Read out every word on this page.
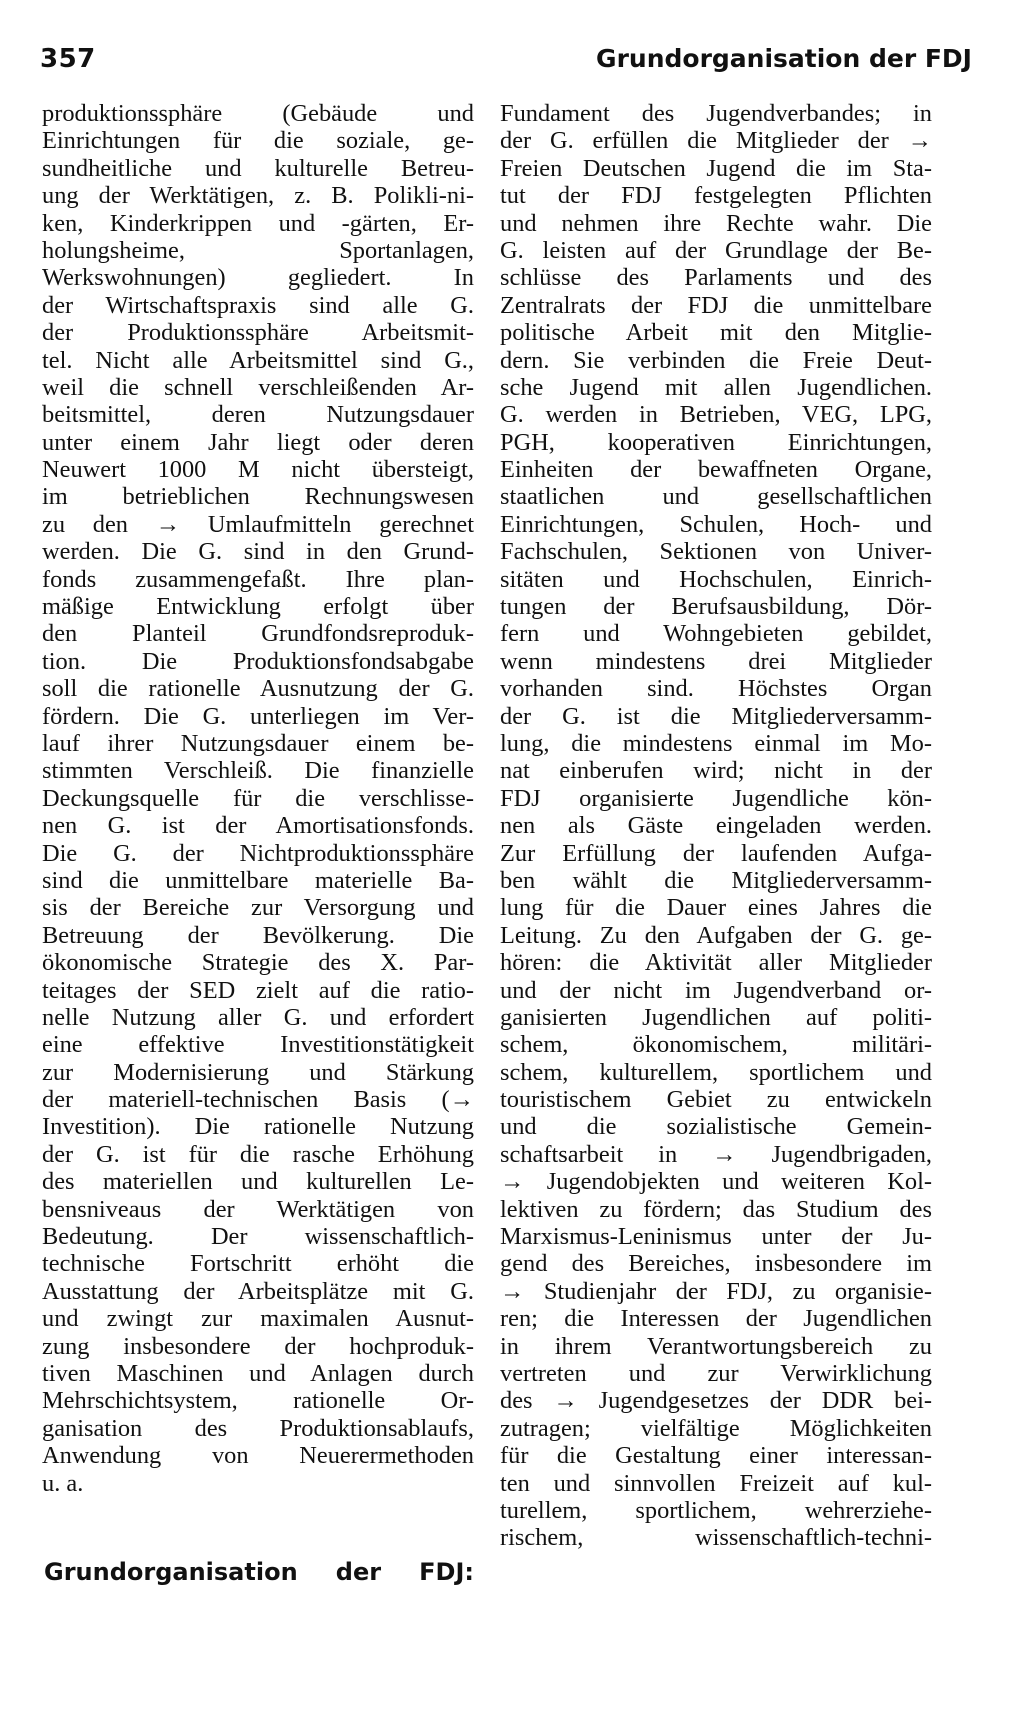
357	Grundorganisation der FDJ
produktionssphäre (Gebäude und
Einrichtungen für die soziale, ge-
sundheitliche und kulturelle Betreu-
ung der Werktätigen, z. B. Polikli-ni-
ken, Kinderkrippen und -gärten, Er-
holungsheime, Sportanlagen,
Werkswohnungen) gegliedert. In
der Wirtschaftspraxis sind alle G.
der Produktionssphäre Arbeitsmit-
tel. Nicht alle Arbeitsmittel sind G.,
weil die schnell verschleißenden Ar-
beitsmittel, deren Nutzungsdauer
unter einem Jahr liegt oder deren
Neuwert 1000 M nicht übersteigt,
im betrieblichen Rechnungswesen
zu den → Umlaufmitteln gerechnet
werden. Die G. sind in den Grund-
fonds zusammengefaßt. Ihre plan-
mäßige Entwicklung erfolgt über
den Planteil Grundfondsreproduk-
tion. Die Produktionsfondsabgabe
soll die rationelle Ausnutzung der G.
fördern. Die G. unterliegen im Ver-
lauf ihrer Nutzungsdauer einem be-
stimmten Verschleiß. Die finanzielle
Deckungsquelle für die verschlisse-
nen G. ist der Amortisationsfonds.
Die G. der Nichtproduktionssphäre
sind die unmittelbare materielle Ba-
sis der Bereiche zur Versorgung und
Betreuung der Bevölkerung. Die
ökonomische Strategie des X. Par-
teitages der SED zielt auf die ratio-
nelle Nutzung aller G. und erfordert
eine effektive Investitionstätigkeit
zur Modernisierung und Stärkung
der materiell-technischen Basis (→
Investition). Die rationelle Nutzung
der G. ist für die rasche Erhöhung
des materiellen und kulturellen Le-
bensniveaus der Werktätigen von
Bedeutung. Der wissenschaftlich-
technische Fortschritt erhöht die
Ausstattung der Arbeitsplätze mit G.
und zwingt zur maximalen Ausnut-
zung insbesondere der hochproduk-
tiven Maschinen und Anlagen durch
Mehrschichtsystem, rationelle Or-
ganisation des Produktionsablaufs,
Anwendung von Neuerermethoden
u. a.
Grundorganisation der FDJ:
Fundament des Jugendverbandes; in
der G. erfüllen die Mitglieder der →
Freien Deutschen Jugend die im Sta-
tut der FDJ festgelegten Pflichten
und nehmen ihre Rechte wahr. Die
G. leisten auf der Grundlage der Be-
schlüsse des Parlaments und des
Zentralrats der FDJ die unmittelbare
politische Arbeit mit den Mitglie-
dern. Sie verbinden die Freie Deut-
sche Jugend mit allen Jugendlichen.
G. werden in Betrieben, VEG, LPG,
PGH, kooperativen Einrichtungen,
Einheiten der bewaffneten Organe,
staatlichen und gesellschaftlichen
Einrichtungen, Schulen, Hoch- und
Fachschulen, Sektionen von Univer-
sitäten und Hochschulen, Einrich-
tungen der Berufsausbildung, Dör-
fern und Wohngebieten gebildet,
wenn mindestens drei Mitglieder
vorhanden sind. Höchstes Organ
der G. ist die Mitgliederversamm-
lung, die mindestens einmal im Mo-
nat einberufen wird; nicht in der
FDJ organisierte Jugendliche kön-
nen als Gäste eingeladen werden.
Zur Erfüllung der laufenden Aufga-
ben wählt die Mitgliederversamm-
lung für die Dauer eines Jahres die
Leitung. Zu den Aufgaben der G. ge-
hören: die Aktivität aller Mitglieder
und der nicht im Jugendverband or-
ganisierten Jugendlichen auf politi-
schem, ökonomischem, militäri-
schem, kulturellem, sportlichem und
touristischem Gebiet zu entwickeln
und die sozialistische Gemein-
schaftsarbeit in → Jugendbrigaden,
→ Jugendobjekten und weiteren Kol-
lektiven zu fördern; das Studium des
Marxismus-Leninismus unter der Ju-
gend des Bereiches, insbesondere im
→ Studienjahr der FDJ, zu organisie-
ren; die Interessen der Jugendlichen
in ihrem Verantwortungsbereich zu
vertreten und zur Verwirklichung
des → Jugendgesetzes der DDR bei-
zutragen; vielfältige Möglichkeiten
für die Gestaltung einer interessan-
ten und sinnvollen Freizeit auf kul-
turellem, sportlichem, wehrerziehe-
rischem, wissenschaftlich-techni-
